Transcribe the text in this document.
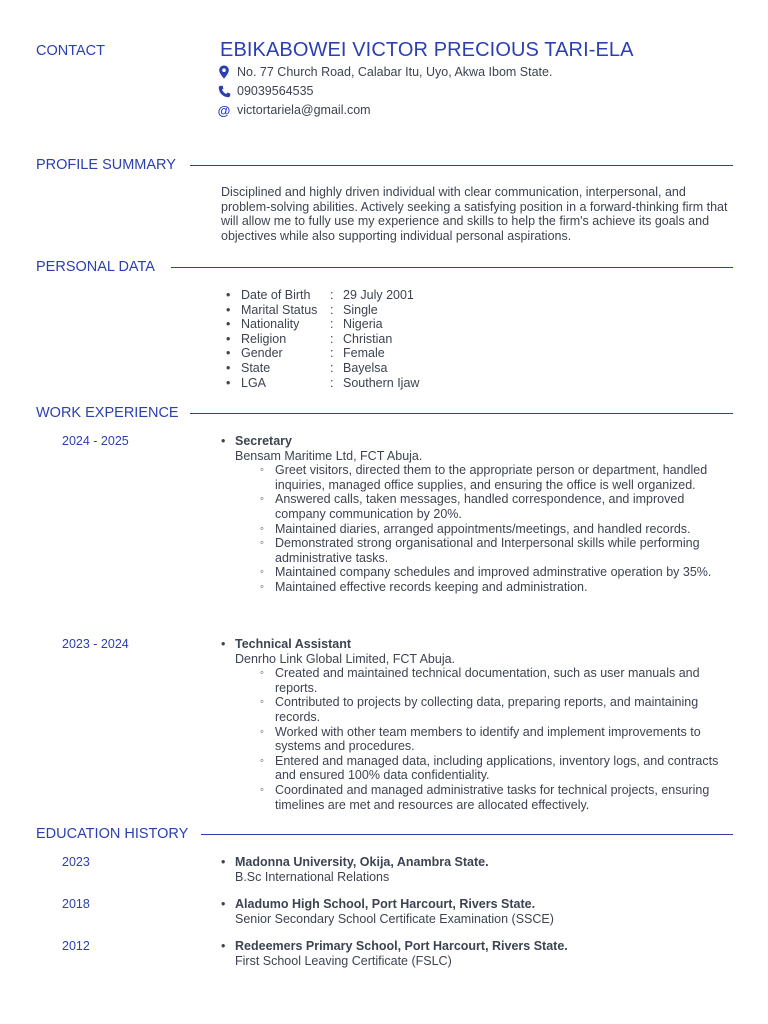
CONTACT	EBIKABOWEI VICTOR PRECIOUS TARI-ELA
No. 77 Church Road, Calabar Itu, Uyo, Akwa Ibom State.
09039564535
@ victortariela@gmail.com
PROFILE SUMMARY
Disciplined and highly driven individual with clear communication, interpersonal, and problem-solving abilities. Actively seeking a satisfying position in a forward-thinking firm that will allow me to fully use my experience and skills to help the firm's achieve its goals and objectives while also supporting individual personal aspirations.
PERSONAL DATA
• Date of Birth	: 29 July 2001
• Marital Status	: Single
• Nationality	: Nigeria
• Religion	: Christian
• Gender	: Female
• State	: Bayelsa
• LGA	: Southern Ijaw
WORK EXPERIENCE
2024 - 2025	• Secretary
Bensam Maritime Ltd, FCT Abuja.
◦ Greet visitors, directed them to the appropriate person or department, handled inquiries, managed office supplies, and ensuring the office is well organized.
◦ Answered calls, taken messages, handled correspondence, and improved company communication by 20%.
◦ Maintained diaries, arranged appointments/meetings, and handled records.
◦ Demonstrated strong organisational and Interpersonal skills while performing administrative tasks.
◦ Maintained company schedules and improved adminstrative operation by 35%.
◦ Maintained effective records keeping and administration.
2023 - 2024	• Technical Assistant
Denrho Link Global Limited, FCT Abuja.
◦ Created and maintained technical documentation, such as user manuals and reports.
◦ Contributed to projects by collecting data, preparing reports, and maintaining records.
◦ Worked with other team members to identify and implement improvements to systems and procedures.
◦ Entered and managed data, including applications, inventory logs, and contracts and ensured 100% data confidentiality.
◦ Coordinated and managed administrative tasks for technical projects, ensuring timelines are met and resources are allocated effectively.
EDUCATION HISTORY
2023	• Madonna University, Okija, Anambra State.
B.Sc International Relations
2018	• Aladumo High School, Port Harcourt, Rivers State.
Senior Secondary School Certificate Examination (SSCE)
2012	• Redeemers Primary School, Port Harcourt, Rivers State.
First School Leaving Certificate (FSLC)
